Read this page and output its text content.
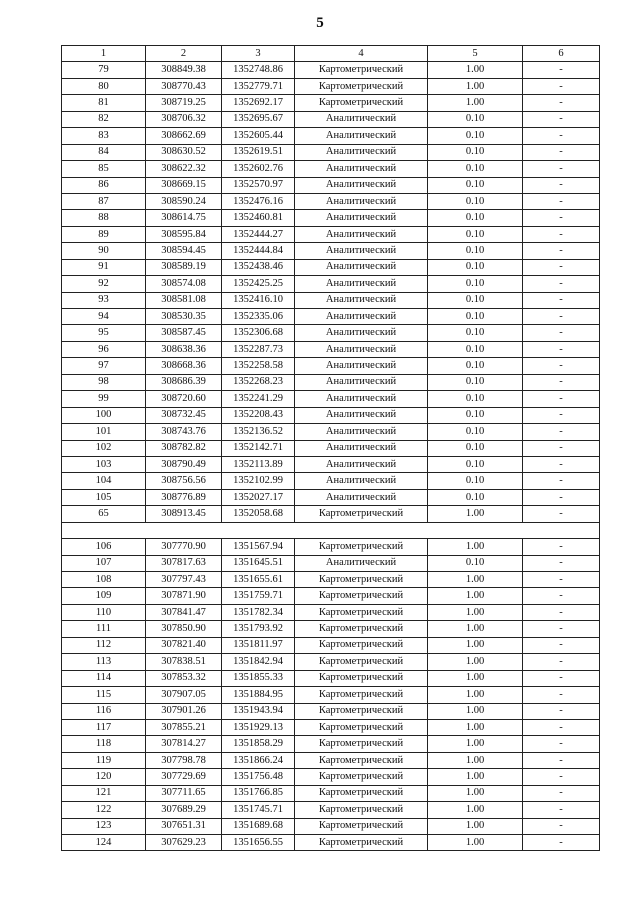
5
1	2	3	4	5	6
79	308849.38	1352748.86	Картометрический	1.00	-
80	308770.43	1352779.71	Картометрический	1.00	-
81	308719.25	1352692.17	Картометрический	1.00	-
82	308706.32	1352695.67	Аналитический	0.10	-
83	308662.69	1352605.44	Аналитический	0.10	-
84	308630.52	1352619.51	Аналитический	0.10	-
85	308622.32	1352602.76	Аналитический	0.10	-
86	308669.15	1352570.97	Аналитический	0.10	-
87	308590.24	1352476.16	Аналитический	0.10	-
88	308614.75	1352460.81	Аналитический	0.10	-
89	308595.84	1352444.27	Аналитический	0.10	-
90	308594.45	1352444.84	Аналитический	0.10	-
91	308589.19	1352438.46	Аналитический	0.10	-
92	308574.08	1352425.25	Аналитический	0.10	-
93	308581.08	1352416.10	Аналитический	0.10	-
94	308530.35	1352335.06	Аналитический	0.10	-
95	308587.45	1352306.68	Аналитический	0.10	-
96	308638.36	1352287.73	Аналитический	0.10	-
97	308668.36	1352258.58	Аналитический	0.10	-
98	308686.39	1352268.23	Аналитический	0.10	-
99	308720.60	1352241.29	Аналитический	0.10	-
100	308732.45	1352208.43	Аналитический	0.10	-
101	308743.76	1352136.52	Аналитический	0.10	-
102	308782.82	1352142.71	Аналитический	0.10	-
103	308790.49	1352113.89	Аналитический	0.10	-
104	308756.56	1352102.99	Аналитический	0.10	-
105	308776.89	1352027.17	Аналитический	0.10	-
65	308913.45	1352058.68	Картометрический	1.00	-

106	307770.90	1351567.94	Картометрический	1.00	-
107	307817.63	1351645.51	Аналитический	0.10	-
108	307797.43	1351655.61	Картометрический	1.00	-
109	307871.90	1351759.71	Картометрический	1.00	-
110	307841.47	1351782.34	Картометрический	1.00	-
111	307850.90	1351793.92	Картометрический	1.00	-
112	307821.40	1351811.97	Картометрический	1.00	-
113	307838.51	1351842.94	Картометрический	1.00	-
114	307853.32	1351855.33	Картометрический	1.00	-
115	307907.05	1351884.95	Картометрический	1.00	-
116	307901.26	1351943.94	Картометрический	1.00	-
117	307855.21	1351929.13	Картометрический	1.00	-
118	307814.27	1351858.29	Картометрический	1.00	-
119	307798.78	1351866.24	Картометрический	1.00	-
120	307729.69	1351756.48	Картометрический	1.00	-
121	307711.65	1351766.85	Картометрический	1.00	-
122	307689.29	1351745.71	Картометрический	1.00	-
123	307651.31	1351689.68	Картометрический	1.00	-
124	307629.23	1351656.55	Картометрический	1.00	-
